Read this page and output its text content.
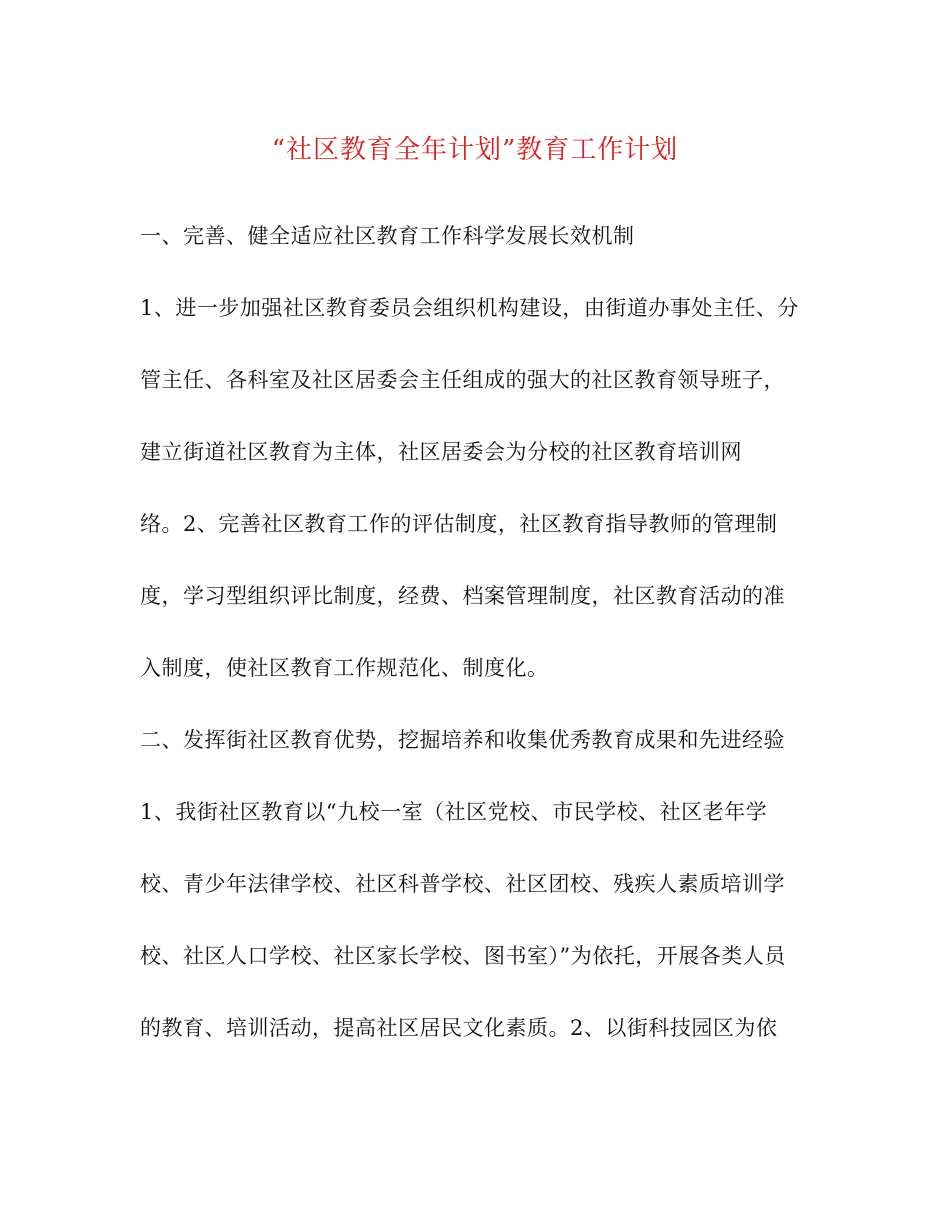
“社区教育全年计划”教育工作计划
一、完善、健全适应社区教育工作科学发展长效机制
1、进一步加强社区教育委员会组织机构建设，由街道办事处主任、分
管主任、各科室及社区居委会主任组成的强大的社区教育领导班子，
建立街道社区教育为主体，社区居委会为分校的社区教育培训网
络。2、完善社区教育工作的评估制度，社区教育指导教师的管理制
度，学习型组织评比制度，经费、档案管理制度，社区教育活动的准
入制度，使社区教育工作规范化、制度化。
二、发挥街社区教育优势，挖掘培养和收集优秀教育成果和先进经验
1、我街社区教育以“九校一室（社区党校、市民学校、社区老年学
校、青少年法律学校、社区科普学校、社区团校、残疾人素质培训学
校、社区人口学校、社区家长学校、图书室）”为依托，开展各类人员
的教育、培训活动，提高社区居民文化素质。2、以街科技园区为依
